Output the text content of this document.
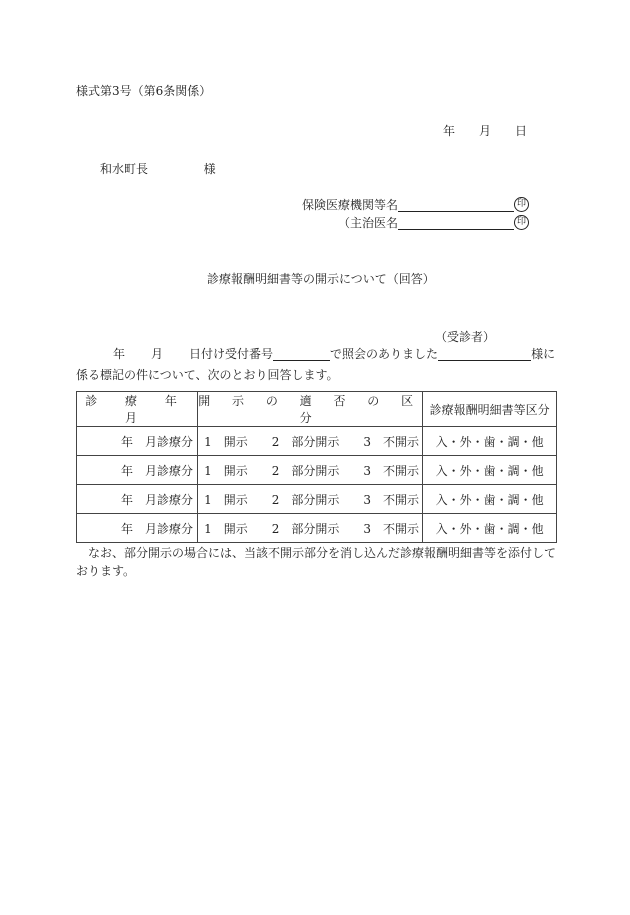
様式第3号（第6条関係）
年　　月　　日
和水町長	様
保険医療機関等名	印
（主治医名	印
診療報酬明細書等の開示について（回答）
（受診者）
年 月 日付け受付番号	で照会のありました	様に
係る標記の件について、次のとおり回答します。
診 療 年 月	開 示 の 適 否 の 区 分	診療報酬明細書等区分
年　月診療分	1　開示　　2　部分開示　　3　不開示	入・外・歯・調・他
年　月診療分	1　開示　　2　部分開示　　3　不開示	入・外・歯・調・他
年　月診療分	1　開示　　2　部分開示　　3　不開示	入・外・歯・調・他
年　月診療分	1　開示　　2　部分開示　　3　不開示	入・外・歯・調・他
なお、部分開示の場合には、当該不開示部分を消し込んだ診療報酬明細書等を添付して
おります。
